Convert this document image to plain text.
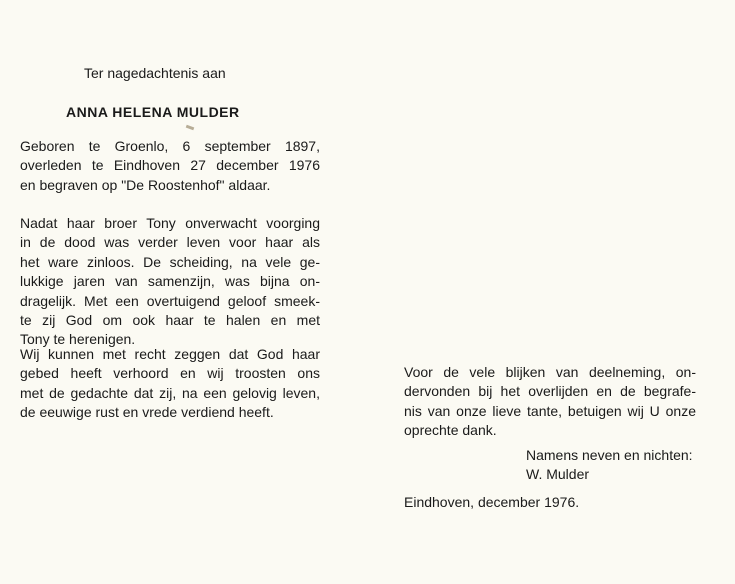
Ter nagedachtenis aan
ANNA HELENA MULDER
Geboren te Groenlo, 6 september 1897,
overleden te Eindhoven 27 december 1976
en begraven op "De Roostenhof" aldaar.
Nadat haar broer Tony onverwacht voorging
in de dood was verder leven voor haar als
het ware zinloos. De scheiding, na vele ge-
lukkige jaren van samenzijn, was bijna on-
dragelijk. Met een overtuigend geloof smeek-
te zij God om ook haar te halen en met
Tony te herenigen.
Wij kunnen met recht zeggen dat God haar
gebed heeft verhoord en wij troosten ons
met de gedachte dat zij, na een gelovig leven,
de eeuwige rust en vrede verdiend heeft.
Voor de vele blijken van deelneming, on-
dervonden bij het overlijden en de begrafe-
nis van onze lieve tante, betuigen wij U onze
oprechte dank.
Namens neven en nichten:
W. Mulder
Eindhoven, december 1976.
